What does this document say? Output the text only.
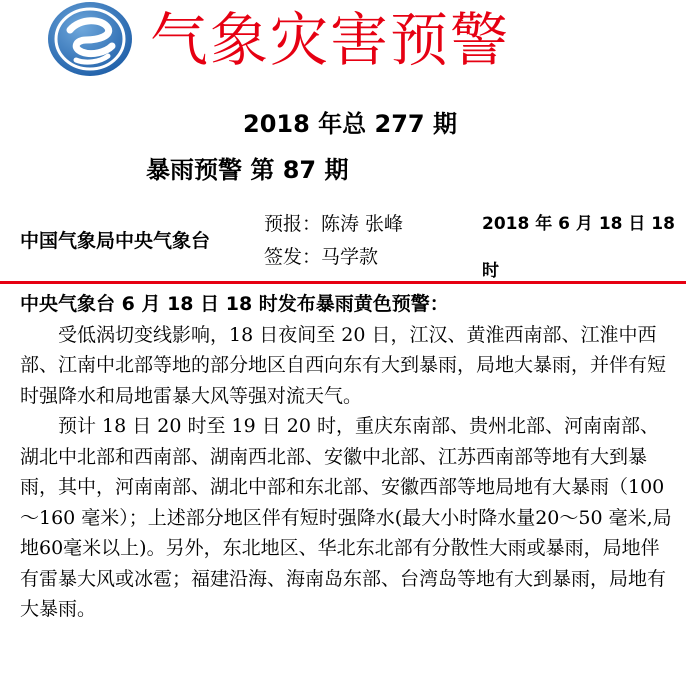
气象灾害预警
2018 年总 277 期
暴雨预警 第 87 期
中国气象局中央气象台
预报：陈涛 张峰
签发：马学款
2018 年 6 月 18 日 18 时

中央气象台 6 月 18 日 18 时发布暴雨黄色预警：

受低涡切变线影响，18 日夜间至 20 日，江汉、黄淮西南部、江淮中西部、江南中北部等地的部分地区自西向东有大到暴雨，局地大暴雨，并伴有短时强降水和局地雷暴大风等强对流天气。

预计 18 日 20 时至 19 日 20 时，重庆东南部、贵州北部、河南南部、湖北中北部和西南部、湖南西北部、安徽中北部、江苏西南部等地有大到暴雨，其中，河南南部、湖北中部和东北部、安徽西部等地局地有大暴雨（100～160 毫米）；上述部分地区伴有短时强降水(最大小时降水量20～50 毫米,局地60毫米以上)。另外，东北地区、华北东北部有分散性大雨或暴雨，局地伴有雷暴大风或冰雹；福建沿海、海南岛东部、台湾岛等地有大到暴雨，局地有大暴雨。
